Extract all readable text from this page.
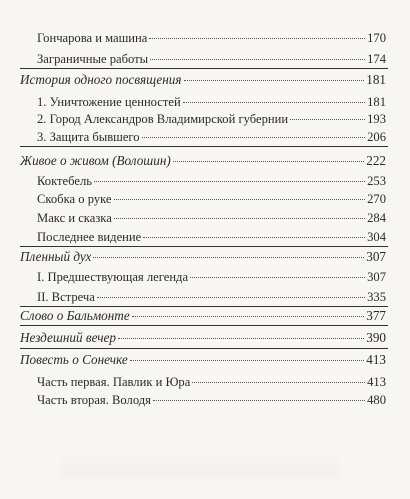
Гончарова и машина	170
Заграничные работы	174
История одного посвящения	181
1. Уничтожение ценностей	181
2. Город Александров Владимирской губернии	193
3. Защита бывшего	206
Живое о живом (Волошин)	222
Коктебель	253
Скобка о руке	270
Макс и сказка	284
Последнее видение	304
Пленный дух	307
I. Предшествующая легенда	307
II. Встреча	335
Слово о Бальмонте	377
Нездешний вечер	390
Повесть о Сонечке	413
Часть первая. Павлик и Юра	413
Часть вторая. Володя	480
